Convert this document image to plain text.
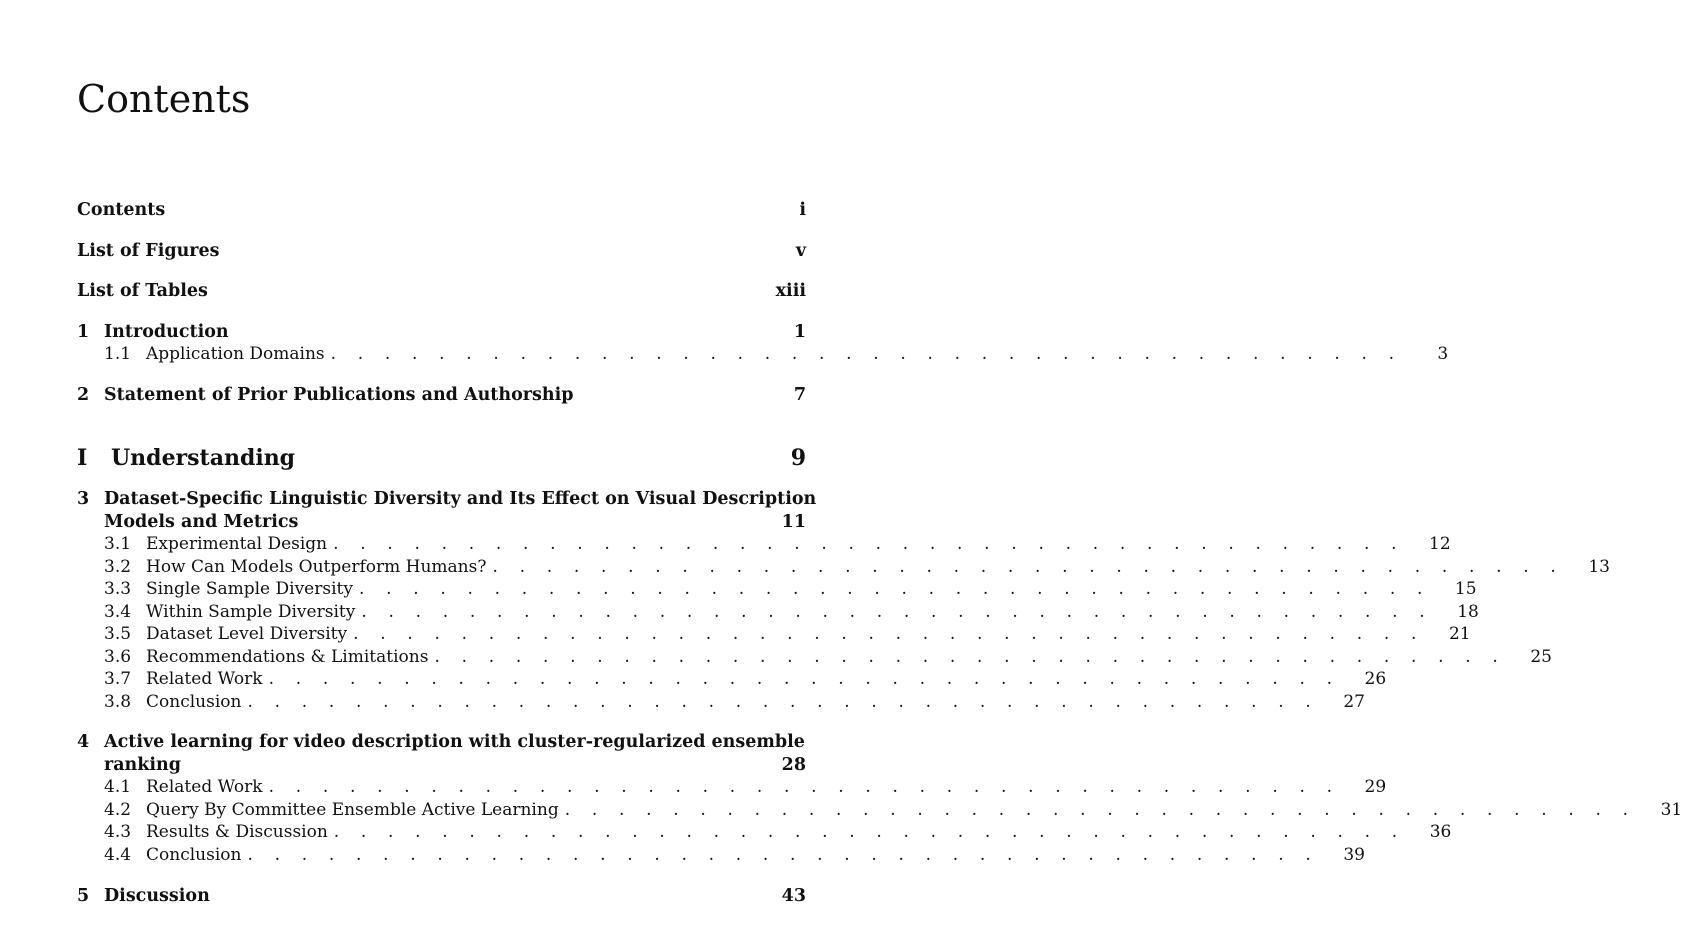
Contents
Contents	i
List of Figures	v
List of Tables	xiii
1 Introduction	1
1.1 Application Domains . . . . . . . . . . . . . . . . . . . . . . . . . . . . . . . . . . . . . . . .	3
2 Statement of Prior Publications and Authorship	7
I Understanding	9
3 Dataset-Specific Linguistic Diversity and Its Effect on Visual Description
Models and Metrics	11
3.1 Experimental Design . . . . . . . . . . . . . . . . . . . . . . . . . . . . . . . . . . . . . . . .	12
3.2 How Can Models Outperform Humans? . . . . . . . . . . . . . . . . . . . . . . . . . . . . . . . . . . . . . . . .	13
3.3 Single Sample Diversity . . . . . . . . . . . . . . . . . . . . . . . . . . . . . . . . . . . . . . . .	15
3.4 Within Sample Diversity . . . . . . . . . . . . . . . . . . . . . . . . . . . . . . . . . . . . . . . .	18
3.5 Dataset Level Diversity . . . . . . . . . . . . . . . . . . . . . . . . . . . . . . . . . . . . . . . .	21
3.6 Recommendations & Limitations . . . . . . . . . . . . . . . . . . . . . . . . . . . . . . . . . . . . . . . .	25
3.7 Related Work . . . . . . . . . . . . . . . . . . . . . . . . . . . . . . . . . . . . . . . .	26
3.8 Conclusion . . . . . . . . . . . . . . . . . . . . . . . . . . . . . . . . . . . . . . . .	27
4 Active learning for video description with cluster-regularized ensemble
ranking	28
4.1 Related Work . . . . . . . . . . . . . . . . . . . . . . . . . . . . . . . . . . . . . . . .	29
4.2 Query By Committee Ensemble Active Learning . . . . . . . . . . . . . . . . . . . . . . . . . . . . . . . . . . . . . . . .	31
4.3 Results & Discussion . . . . . . . . . . . . . . . . . . . . . . . . . . . . . . . . . . . . . . . .	36
4.4 Conclusion . . . . . . . . . . . . . . . . . . . . . . . . . . . . . . . . . . . . . . . .	39
5 Discussion	43
